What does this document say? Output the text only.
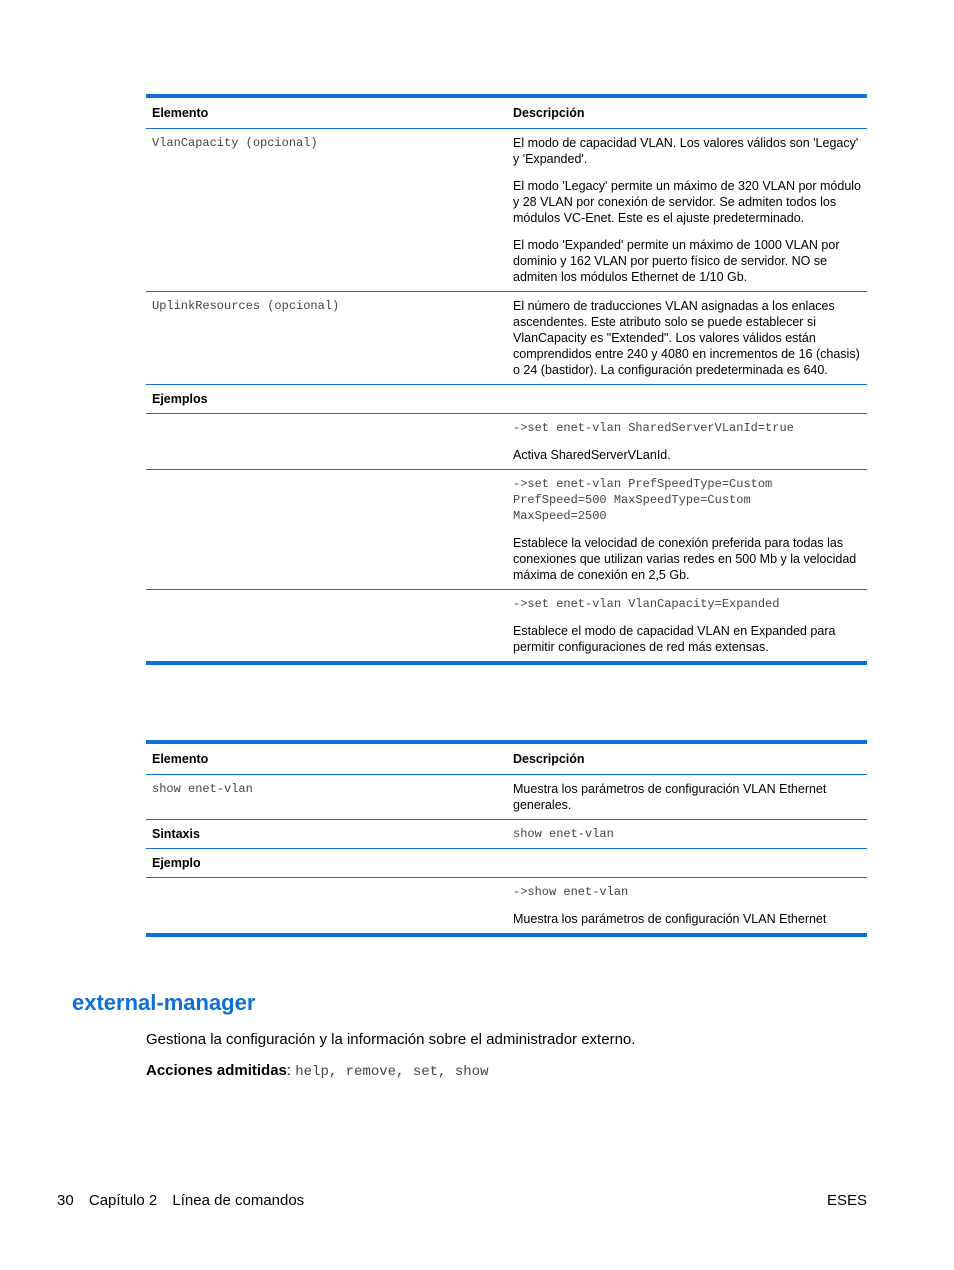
Elemento	Descripción
VlanCapacity (opcional)	El modo de capacidad VLAN. Los valores válidos son 'Legacy' y 'Expanded'.

El modo 'Legacy' permite un máximo de 320 VLAN por módulo y 28 VLAN por conexión de servidor. Se admiten todos los módulos VC-Enet. Este es el ajuste predeterminado.

El modo 'Expanded' permite un máximo de 1000 VLAN por dominio y 162 VLAN por puerto físico de servidor. NO se admiten los módulos Ethernet de 1/10 Gb.

UplinkResources (opcional)	El número de traducciones VLAN asignadas a los enlaces ascendentes. Este atributo solo se puede establecer si VlanCapacity es "Extended". Los valores válidos están comprendidos entre 240 y 4080 en incrementos de 16 (chasis) o 24 (bastidor). La configuración predeterminada es 640.
Ejemplos	

	->set enet-vlan SharedServerVLanId=true

Activa SharedServerVLanId.

	->set enet-vlan PrefSpeedType=Custom PrefSpeed=500 MaxSpeedType=Custom MaxSpeed=2500

Establece la velocidad de conexión preferida para todas las conexiones que utilizan varias redes en 500 Mb y la velocidad máxima de conexión en 2,5 Gb.

	->set enet-vlan VlanCapacity=Expanded

Establece el modo de capacidad VLAN en Expanded para permitir configuraciones de red más extensas.

Elemento	Descripción
show enet-vlan	Muestra los parámetros de configuración VLAN Ethernet generales.
Sintaxis	show enet-vlan
Ejemplo	

	->show enet-vlan

Muestra los parámetros de configuración VLAN Ethernet

external-manager

Gestiona la configuración y la información sobre el administrador externo.

Acciones admitidas: help, remove, set, show

30 Capítulo 2 Línea de comandos	ESES
